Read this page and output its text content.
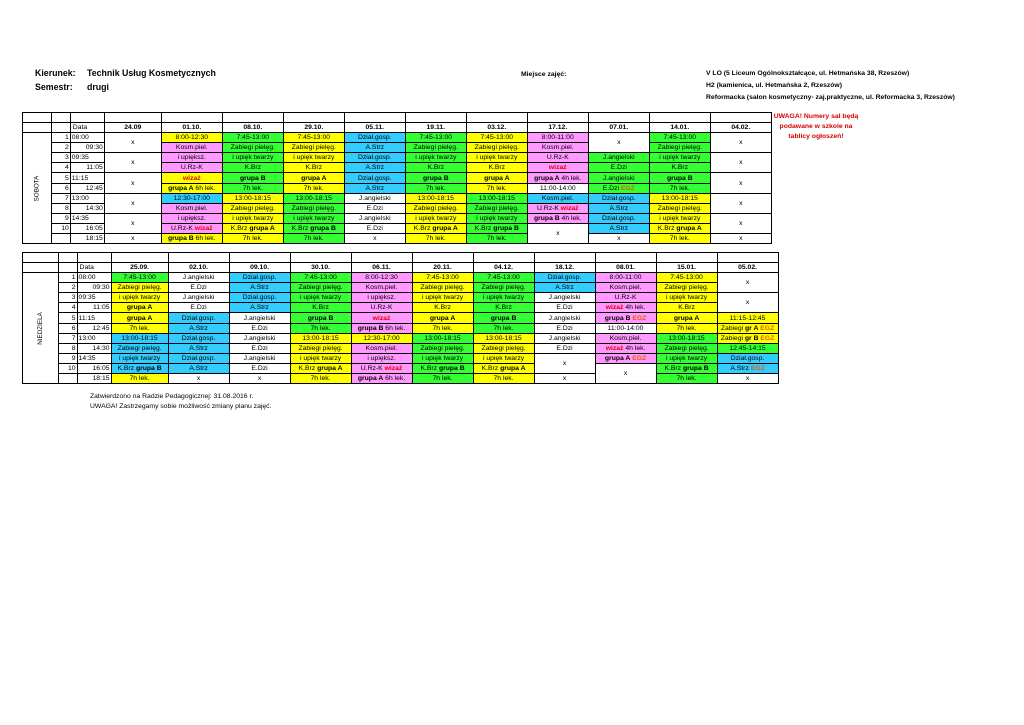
Kierunek: Technik Usług Kosmetycznych
Semestr: drugi
Miejsce zajęć:	V LO (5 Liceum Ogólnokształcące, ul. Hetmańska 38, Rzeszów)
H2 (kamienica, ul. Hetmańska 2, Rzeszów)
Reformacka (salon kosmetyczny- zaj.praktyczne, ul. Reformacka 3, Rzeszów)
UWAGA! Numery sal będą podawane w szkole na tablicy ogłoszeń!

		Data	24.09	01.10.	08.10.	29.10.	05.11.	19.11.	03.12.	17.12.	07.01.	14.01.	04.02.
SOBOTA	1	08:00	x	8:00-12:30	7:45-13:00	7:45-13:00	Dział.gosp.	7:45-13:00	7:45-13:00	8:00-11:00	x	7:45-13:00	x
	2	09:30		Kosm.piel.	Zabiegi pielęg.	Zabiegi pielęg.	A.Strz	Zabiegi pielęg.	Zabiegi pielęg.	Kosm.piel.		Zabiegi pielęg.	
	3	09:35	x	i upiększ.	i upięk twarzy	i upięk twarzy	Dział.gosp.	i upięk twarzy	i upięk twarzy	U.Rz-K	J.angielski	i upięk twarzy	x
	4	11:05		U.Rz-K	K.Brz	K.Brz	A.Strz	K.Brz	K.Brz	wizaż	E.Dzi	K.Brz	
	5	11:15	x	wizaż	grupa B	grupa A	Dział.gosp.	grupa B	grupa A	grupa A 4h lek.	J.angielski	grupa B	x
	6	12:45		grupa A 6h lek.	7h lek.	7h lek.	A.Strz	7h lek.	7h lek.	11:00-14:00	E.Dzi EGZ	7h lek.	
	7	13:00	x	12:30-17:00	13:00-18:15	13:00-18:15	J.angielski	13:00-18:15	13:00-18:15	Kosm.piel.	Dział.gosp.	13:00-18:15	x
	8	14:30		Kosm.piel.	Zabiegi pielęg.	Zabiegi pielęg.	E.Dzi	Zabiegi pielęg.	Zabiegi pielęg.	U.Rz-K wizaż	A.Strz	Zabiegi pielęg.	
	9	14:35	x	i upiększ.	i upięk twarzy	i upięk twarzy	J.angielski	i upięk twarzy	i upięk twarzy	grupa B 4h lek.	Dział.gosp.	i upięk twarzy	x
	10	16:05		U.Rz-K wizaż	K.Brz grupa A	K.Brz grupa B	E.Dzi	K.Brz grupa A	K.Brz grupa B	x	A.Strz	K.Brz grupa A	
		18:15	x	grupa B 6h lek.	7h lek.	7h lek.	x	7h lek.	7h lek.		x	7h lek.	x

		Data	25.09.	02.10.	09.10.	30.10.	06.11.	20.11.	04.12.	18.12.	08.01.	15.01.	05.02.
NIEDZIELA	1	08:00	7:45-13:00	J.angielski	Dział.gosp.	7:45-13:00	8:00-12:30	7:45-13:00	7:45-13:00	Dział.gosp.	8:00-11:00	7:45-13:00	x
	2	09:30	Zabiegi pielęg.	E.Dzi	A.Strz	Zabiegi pielęg.	Kosm.piel.	Zabiegi pielęg.	Zabiegi pielęg.	A.Strz	Kosm.piel.	Zabiegi pielęg.	
	3	09:35	i upięk twarzy	J.angielski	Dział.gosp.	i upięk twarzy	i upiększ.	i upięk twarzy	i upięk twarzy	J.angielski	U.Rz-K	i upięk twarzy	x
	4	11:05	grupa A	E.Dzi	A.Strz	K.Brz	U.Rz-K	K.Brz	K.Brz	E.Dzi	wizaż 4h lek.	K.Brz	
	5	11:15	grupa A	Dział.gosp.	J.angielski	grupa B	wizaż	grupa A	grupa B	J.angielski	grupa B EGZ	grupa A	11:15-12:45
	6	12:45	7h lek.	A.Strz	E.Dzi	7h lek.	grupa B 6h lek.	7h lek.	7h lek.	E.Dzi	11:00-14:00	7h lek.	Zabiegi gr A EGZ
	7	13:00	13:00-18:15	Dział.gosp.	J.angielski	13:00-18:15	12:30-17:00	13:00-18:15	13:00-18:15	J.angielski	Kosm.piel.	13:00-18:15	Zabiegi gr B EGZ
	8	14:30	Zabiegi pielęg.	A.Strz	E.Dzi	Zabiegi pielęg.	Kosm.piel.	Zabiegi pielęg.	Zabiegi pielęg.	E.Dzi	wizaż 4h lek.	Zabiegi pielęg.	12:45-14:15
	9	14:35	i upięk twarzy	Dział.gosp.	J.angielski	i upięk twarzy	i upiększ.	i upięk twarzy	i upięk twarzy	x	grupa A EGZ	i upięk twarzy	Dział.gosp.
	10	16:05	K.Brz grupa B	A.Strz	E.Dzi	K.Brz grupa A	U.Rz-K wizaż	K.Brz grupa B	K.Brz grupa A		x	K.Brz grupa B	A.Strz EGZ
		18:15	7h lek.	x	x	7h lek.	grupa A 6h lek.	7h lek.	7h lek.	x		7h lek.	x
Zatwierdzono na Radzie Pedagogicznej: 31.08.2016 r.
UWAGA! Zastrzegamy sobie możliwość zmiany planu zajęć.
